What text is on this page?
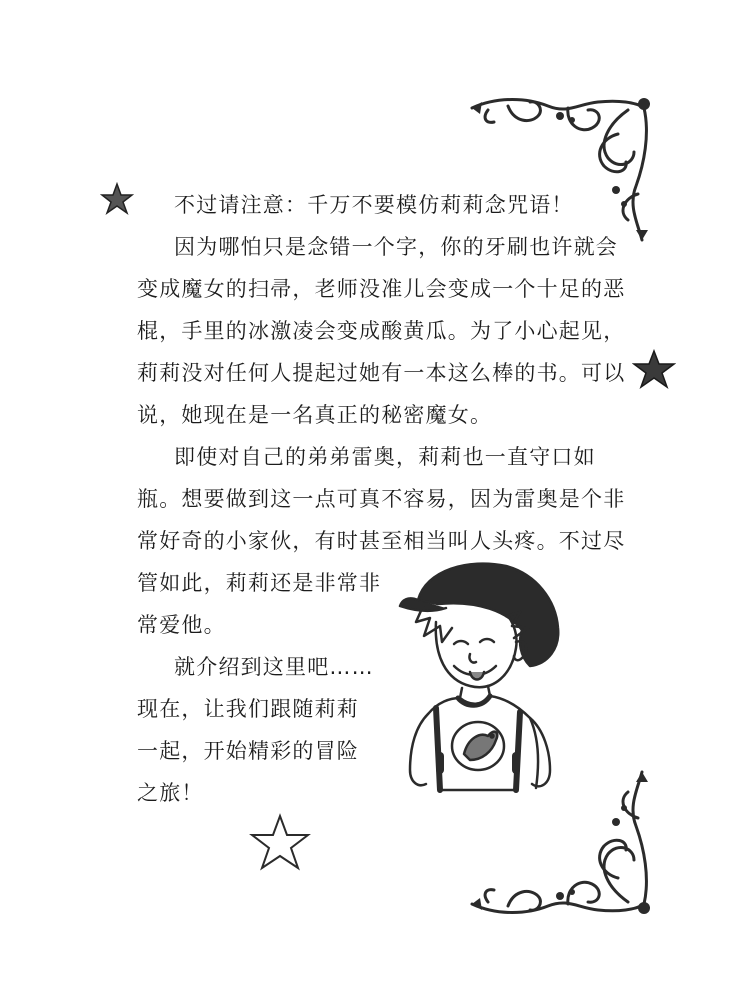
不过请注意：千万不要模仿莉莉念咒语！

因为哪怕只是念错一个字，你的牙刷也许就会

变成魔女的扫帚，老师没准儿会变成一个十足的恶

棍，手里的冰激凌会变成酸黄瓜。为了小心起见，

莉莉没对任何人提起过她有一本这么棒的书。可以

说，她现在是一名真正的秘密魔女。

即使对自己的弟弟雷奥，莉莉也一直守口如

瓶。想要做到这一点可真不容易，因为雷奥是个非

常好奇的小家伙，有时甚至相当叫人头疼。不过尽

管如此，莉莉还是非常非

常爱他。

就介绍到这里吧……

现在，让我们跟随莉莉

一起，开始精彩的冒险

之旅！
